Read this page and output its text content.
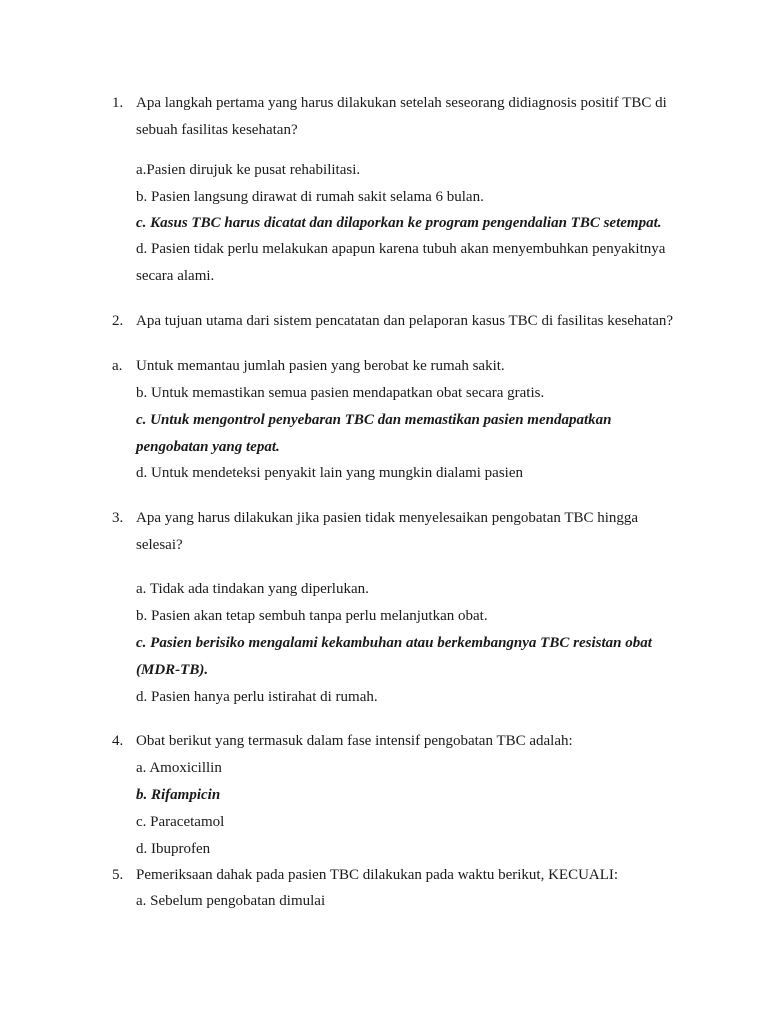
1. Apa langkah pertama yang harus dilakukan setelah seseorang didiagnosis positif TBC di
sebuah fasilitas kesehatan?
a.Pasien dirujuk ke pusat rehabilitasi.
b. Pasien langsung dirawat di rumah sakit selama 6 bulan.
c. Kasus TBC harus dicatat dan dilaporkan ke program pengendalian TBC setempat.
d. Pasien tidak perlu melakukan apapun karena tubuh akan menyembuhkan penyakitnya
secara alami.
2. Apa tujuan utama dari sistem pencatatan dan pelaporan kasus TBC di fasilitas kesehatan?
a. Untuk memantau jumlah pasien yang berobat ke rumah sakit.
b. Untuk memastikan semua pasien mendapatkan obat secara gratis.
c. Untuk mengontrol penyebaran TBC dan memastikan pasien mendapatkan
pengobatan yang tepat.
d. Untuk mendeteksi penyakit lain yang mungkin dialami pasien
3. Apa yang harus dilakukan jika pasien tidak menyelesaikan pengobatan TBC hingga
selesai?
a. Tidak ada tindakan yang diperlukan.
b. Pasien akan tetap sembuh tanpa perlu melanjutkan obat.
c. Pasien berisiko mengalami kekambuhan atau berkembangnya TBC resistan obat
(MDR-TB).
d. Pasien hanya perlu istirahat di rumah.
4. Obat berikut yang termasuk dalam fase intensif pengobatan TBC adalah:
a. Amoxicillin
b. Rifampicin
c. Paracetamol
d. Ibuprofen
5. Pemeriksaan dahak pada pasien TBC dilakukan pada waktu berikut, KECUALI:
a. Sebelum pengobatan dimulai
